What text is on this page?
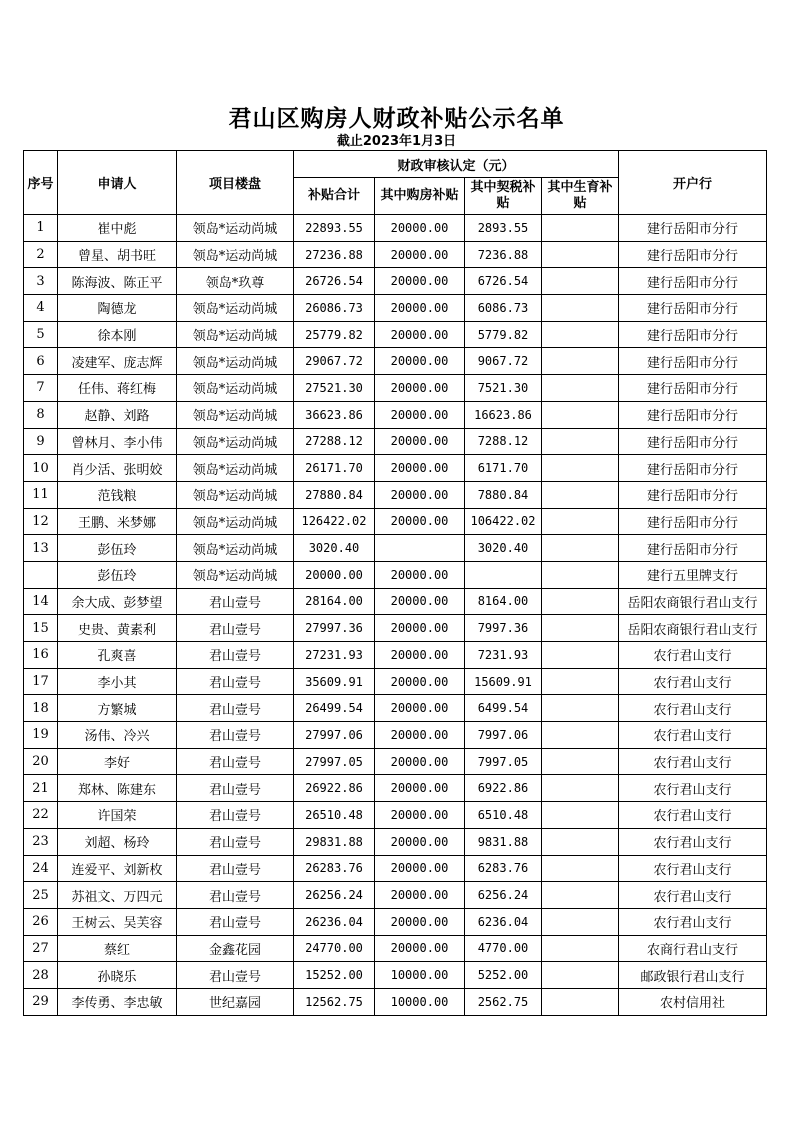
君山区购房人财政补贴公示名单
截止2023年1月3日
序号	申请人	项目楼盘	财政审核认定（元）				开户行
			补贴合计	其中购房补贴	其中契税补贴	其中生育补贴	
1	崔中彪	领岛*运动尚城	22893.55	20000.00	2893.55		建行岳阳市分行
2	曾星、胡书旺	领岛*运动尚城	27236.88	20000.00	7236.88		建行岳阳市分行
3	陈海波、陈正平	领岛*玖尊	26726.54	20000.00	6726.54		建行岳阳市分行
4	陶德龙	领岛*运动尚城	26086.73	20000.00	6086.73		建行岳阳市分行
5	徐本刚	领岛*运动尚城	25779.82	20000.00	5779.82		建行岳阳市分行
6	凌建军、庞志辉	领岛*运动尚城	29067.72	20000.00	9067.72		建行岳阳市分行
7	任伟、蒋红梅	领岛*运动尚城	27521.30	20000.00	7521.30		建行岳阳市分行
8	赵静、刘路	领岛*运动尚城	36623.86	20000.00	16623.86		建行岳阳市分行
9	曾林月、李小伟	领岛*运动尚城	27288.12	20000.00	7288.12		建行岳阳市分行
10	肖少活、张明姣	领岛*运动尚城	26171.70	20000.00	6171.70		建行岳阳市分行
11	范钱粮	领岛*运动尚城	27880.84	20000.00	7880.84		建行岳阳市分行
12	王鹏、米梦娜	领岛*运动尚城	126422.02	20000.00	106422.02		建行岳阳市分行
13	彭伍玲	领岛*运动尚城	3020.40		3020.40		建行岳阳市分行
	彭伍玲	领岛*运动尚城	20000.00	20000.00			建行五里牌支行
14	余大成、彭梦望	君山壹号	28164.00	20000.00	8164.00		岳阳农商银行君山支行
15	史贵、黄素利	君山壹号	27997.36	20000.00	7997.36		岳阳农商银行君山支行
16	孔爽喜	君山壹号	27231.93	20000.00	7231.93		农行君山支行
17	李小其	君山壹号	35609.91	20000.00	15609.91		农行君山支行
18	方繁城	君山壹号	26499.54	20000.00	6499.54		农行君山支行
19	汤伟、冷兴	君山壹号	27997.06	20000.00	7997.06		农行君山支行
20	李好	君山壹号	27997.05	20000.00	7997.05		农行君山支行
21	郑林、陈建东	君山壹号	26922.86	20000.00	6922.86		农行君山支行
22	许国荣	君山壹号	26510.48	20000.00	6510.48		农行君山支行
23	刘超、杨玲	君山壹号	29831.88	20000.00	9831.88		农行君山支行
24	连爱平、刘新枚	君山壹号	26283.76	20000.00	6283.76		农行君山支行
25	苏祖文、万四元	君山壹号	26256.24	20000.00	6256.24		农行君山支行
26	王树云、吴芙容	君山壹号	26236.04	20000.00	6236.04		农行君山支行
27	蔡红	金鑫花园	24770.00	20000.00	4770.00		农商行君山支行
28	孙晓乐	君山壹号	15252.00	10000.00	5252.00		邮政银行君山支行
29	李传勇、李忠敏	世纪嘉园	12562.75	10000.00	2562.75		农村信用社
